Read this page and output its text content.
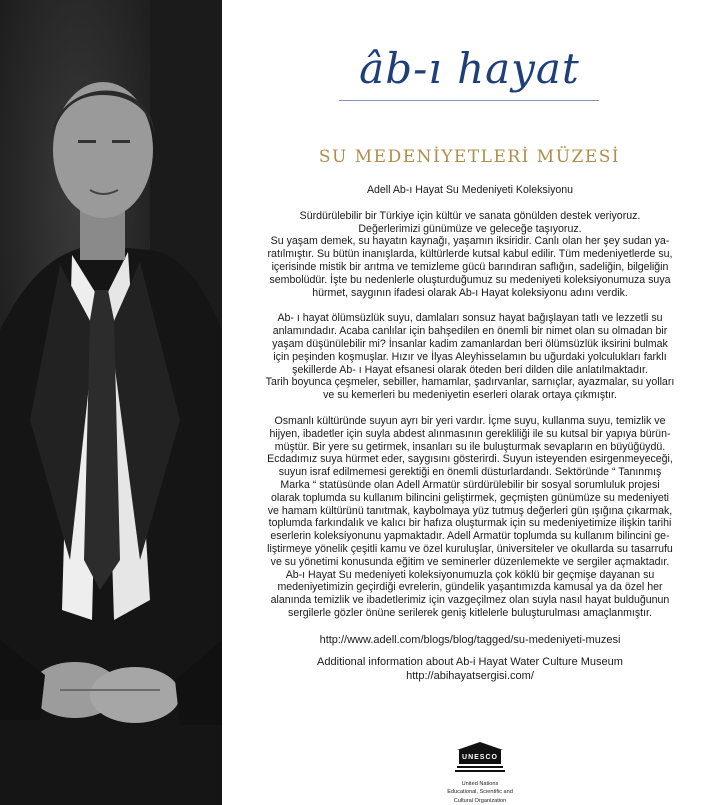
âb-ı hayat
SU MEDENİYETLERİ MÜZESİ

Adell Ab-ı Hayat Su Medeniyeti Koleksiyonu

Sürdürülebilir bir Türkiye için kültür ve sanata gönülden destek veriyoruz.

Değerlerimizi günümüze ve geleceğe taşıyoruz.

Su yaşam demek, su hayatın kaynağı, yaşamın iksiridir. Canlı olan her şey sudan ya-

ratılmıştır. Su bütün inanışlarda, kültürlerde kutsal kabul edilir. Tüm medeniyetlerde su,

içerisinde mistik bir arıtma ve temizleme gücü barındıran saflığın, sadeliğin, bilgeliğin

sembolüdür. İşte bu nedenlerle oluşturduğumuz su medeniyeti koleksiyonumuza suya

hürmet, saygının ifadesi olarak Ab-ı Hayat koleksiyonu adını verdik.

Ab- ı hayat ölümsüzlük suyu, damlaları sonsuz hayat bağışlayan tatlı ve lezzetli su

anlamındadır. Acaba canlılar için bahşedilen en önemli bir nimet olan su olmadan bir

yaşam düşünülebilir mi? İnsanlar kadim zamanlardan beri ölümsüzlük iksirini bulmak

için peşinden koşmuşlar. Hızır ve İlyas Aleyhisselamın bu uğurdaki yolculukları farklı

şekillerde Ab- ı Hayat efsanesi olarak öteden beri dilden dile anlatılmaktadır.

Tarih boyunca çeşmeler, sebiller, hamamlar, şadırvanlar, sarnıçlar, ayazmalar, su yolları

ve su kemerleri bu medeniyetin eserleri olarak ortaya çıkmıştır.

Osmanlı kültüründe suyun ayrı bir yeri vardır. İçme suyu, kullanma suyu, temizlik ve

hijyen, ibadetler için suyla abdest alınmasının gerekliliği ile su kutsal bir yapıya bürün-

müştür. Bir yere su getirmek, insanları su ile buluşturmak sevapların en büyüğüydü.

Ecdadımız suya hürmet eder, saygısını gösterirdi. Suyun isteyenden esirgenmeyeceği,

suyun israf edilmemesi gerektiği en önemli düsturlardandı. Sektöründe “ Tanınmış

Marka “ statüsünde olan Adell Armatür sürdürülebilir bir sosyal sorumluluk projesi

olarak toplumda su kullanım bilincini geliştirmek, geçmişten günümüze su medeniyeti

ve hamam kültürünü tanıtmak, kaybolmaya yüz tutmuş değerleri gün ışığına çıkarmak,

toplumda farkındalık ve kalıcı bir hafıza oluşturmak için su medeniyetimize ilişkin tarihi

eserlerin koleksiyonunu yapmaktadır. Adell Armatür toplumda su kullanım bilincini ge-

liştirmeye yönelik çeşitli kamu ve özel kuruluşlar, üniversiteler ve okullarda su tasarrufu

ve su yönetimi konusunda eğitim ve seminerler düzenlemekte ve sergiler açmaktadır.

Ab-ı Hayat Su medeniyeti koleksiyonumuzla çok köklü bir geçmişe dayanan su

medeniyetimizin geçirdiği evrelerin, gündelik yaşantımızda kamusal ya da özel her

alanında temizlik ve ibadetlerimiz için vazgeçilmez olan suyla nasıl hayat bulduğunun

sergilerle gözler önüne serilerek geniş kitlelerle buluşturulması amaçlanmıştır.

http://www.adell.com/blogs/blog/tagged/su-medeniyeti-muzesi

Additional information about Ab-i Hayat Water Culture Museum

http://abihayatsergisi.com/

UNESCO
United Nations
Educational, Scientific and
Cultural Organization
